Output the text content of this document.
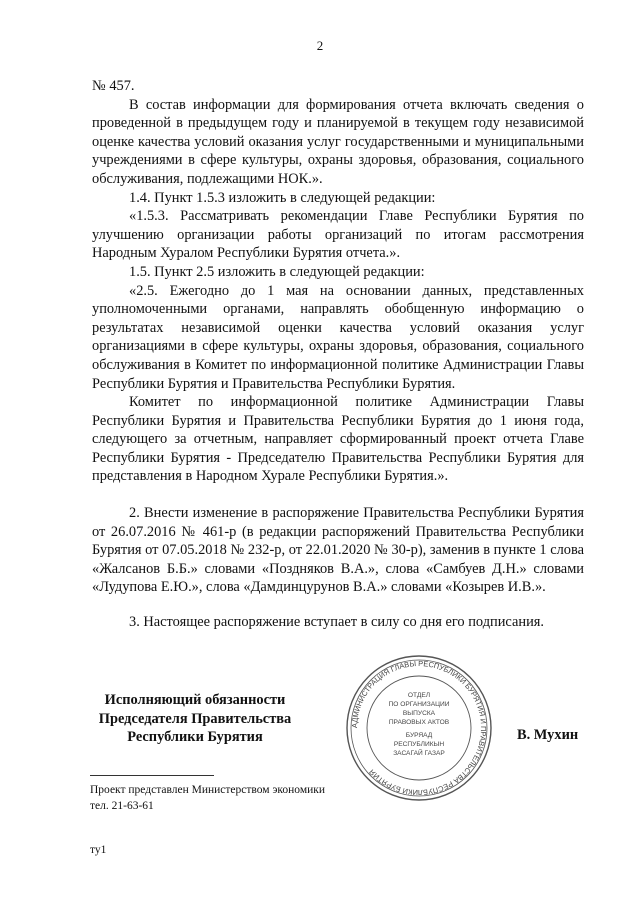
2

№ 457.

В состав информации для формирования отчета включать сведения о проведенной в предыдущем году и планируемой в текущем году независимой оценке качества условий оказания услуг государственными и муниципальными учреждениями в сфере культуры, охраны здоровья, образования, социального обслуживания, подлежащими НОК.».

1.4. Пункт 1.5.3 изложить в следующей редакции:

«1.5.3. Рассматривать рекомендации Главе Республики Бурятия по улучшению организации работы организаций по итогам рассмотрения Народным Хуралом Республики Бурятия отчета.».

1.5. Пункт 2.5 изложить в следующей редакции:

«2.5. Ежегодно до 1 мая на основании данных, представленных уполномоченными органами, направлять обобщенную информацию о результатах независимой оценки качества условий оказания услуг организациями в сфере культуры, охраны здоровья, образования, социального обслуживания в Комитет по информационной политике Администрации Главы Республики Бурятия и Правительства Республики Бурятия.

Комитет по информационной политике Администрации Главы Республики Бурятия и Правительства Республики Бурятия до 1 июня года, следующего за отчетным, направляет сформированный проект отчета Главе Республики Бурятия - Председателю Правительства Республики Бурятия для представления в Народном Хурале Республики Бурятия.».

2. Внести изменение в распоряжение Правительства Республики Бурятия от 26.07.2016 № 461-р (в редакции распоряжений Правительства Республики Бурятия от 07.05.2018 № 232-р, от 22.01.2020 № 30-р), заменив в пункте 1 слова «Жалсанов Б.Б.» словами «Поздняков В.А.», слова «Самбуев Д.Н.» словами «Лудупова Е.Ю.», слова «Дамдинцурунов В.А.» словами «Козырев И.В.».

3. Настоящее распоряжение вступает в силу со дня его подписания.

Исполняющий обязанности
Председателя Правительства
Республики Бурятия
АДМИНИСТРАЦИЯ ГЛАВЫ РЕСПУБЛИКИ БУРЯТИЯ И ПРАВИТЕЛЬСТВА РЕСПУБЛИКИ БУРЯТИЯ
ОТДЕЛ
ПО ОРГАНИЗАЦИИ
ВЫПУСКА
ПРАВОВЫХ АКТОВ
БУРЯАД
РЕСПУБЛИКЫН
ЗАСАГАЙ ГАЗАР
В. Мухин
Проект представлен Министерством экономики
тел. 21-63-61
ту1
